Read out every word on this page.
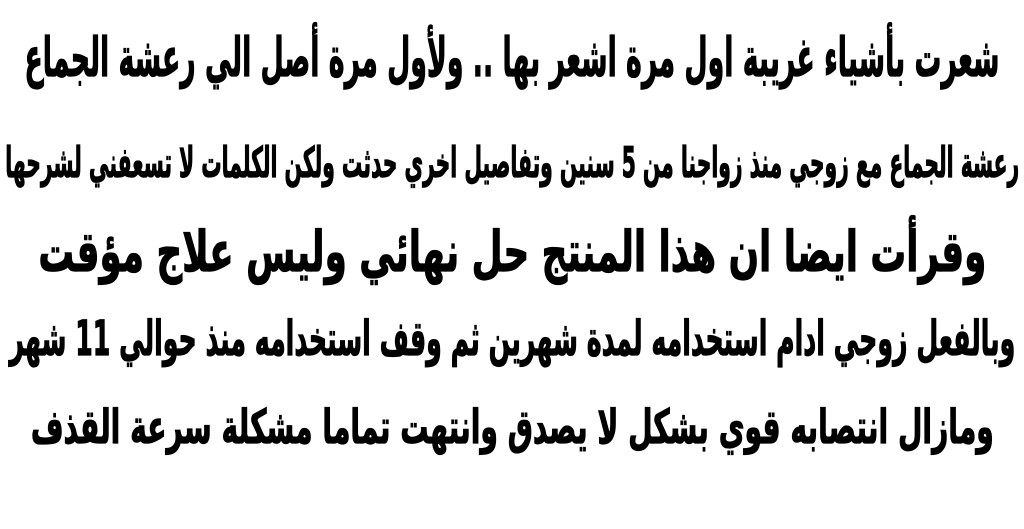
شعرت بأشياء غريبة اول مرة اشعر بها .. ولأول مرة أصل الي رعشة الجماع
رعشة الجماع مع زوجي منذ زواجنا من 5 سنين وتفاصيل اخري حدثت ولكن الكلمات لا تسعفني لشرحها
وقرأت ايضا ان هذا المنتج حل نهائي وليس علاج مؤقت
وبالفعل زوجي ادام استخدامه لمدة شهرين ثم وقف استخدامه منذ حوالي 11 شهر
ومازال انتصابه قوي بشكل لا يصدق وانتهت تماما مشكلة سرعة القذف
